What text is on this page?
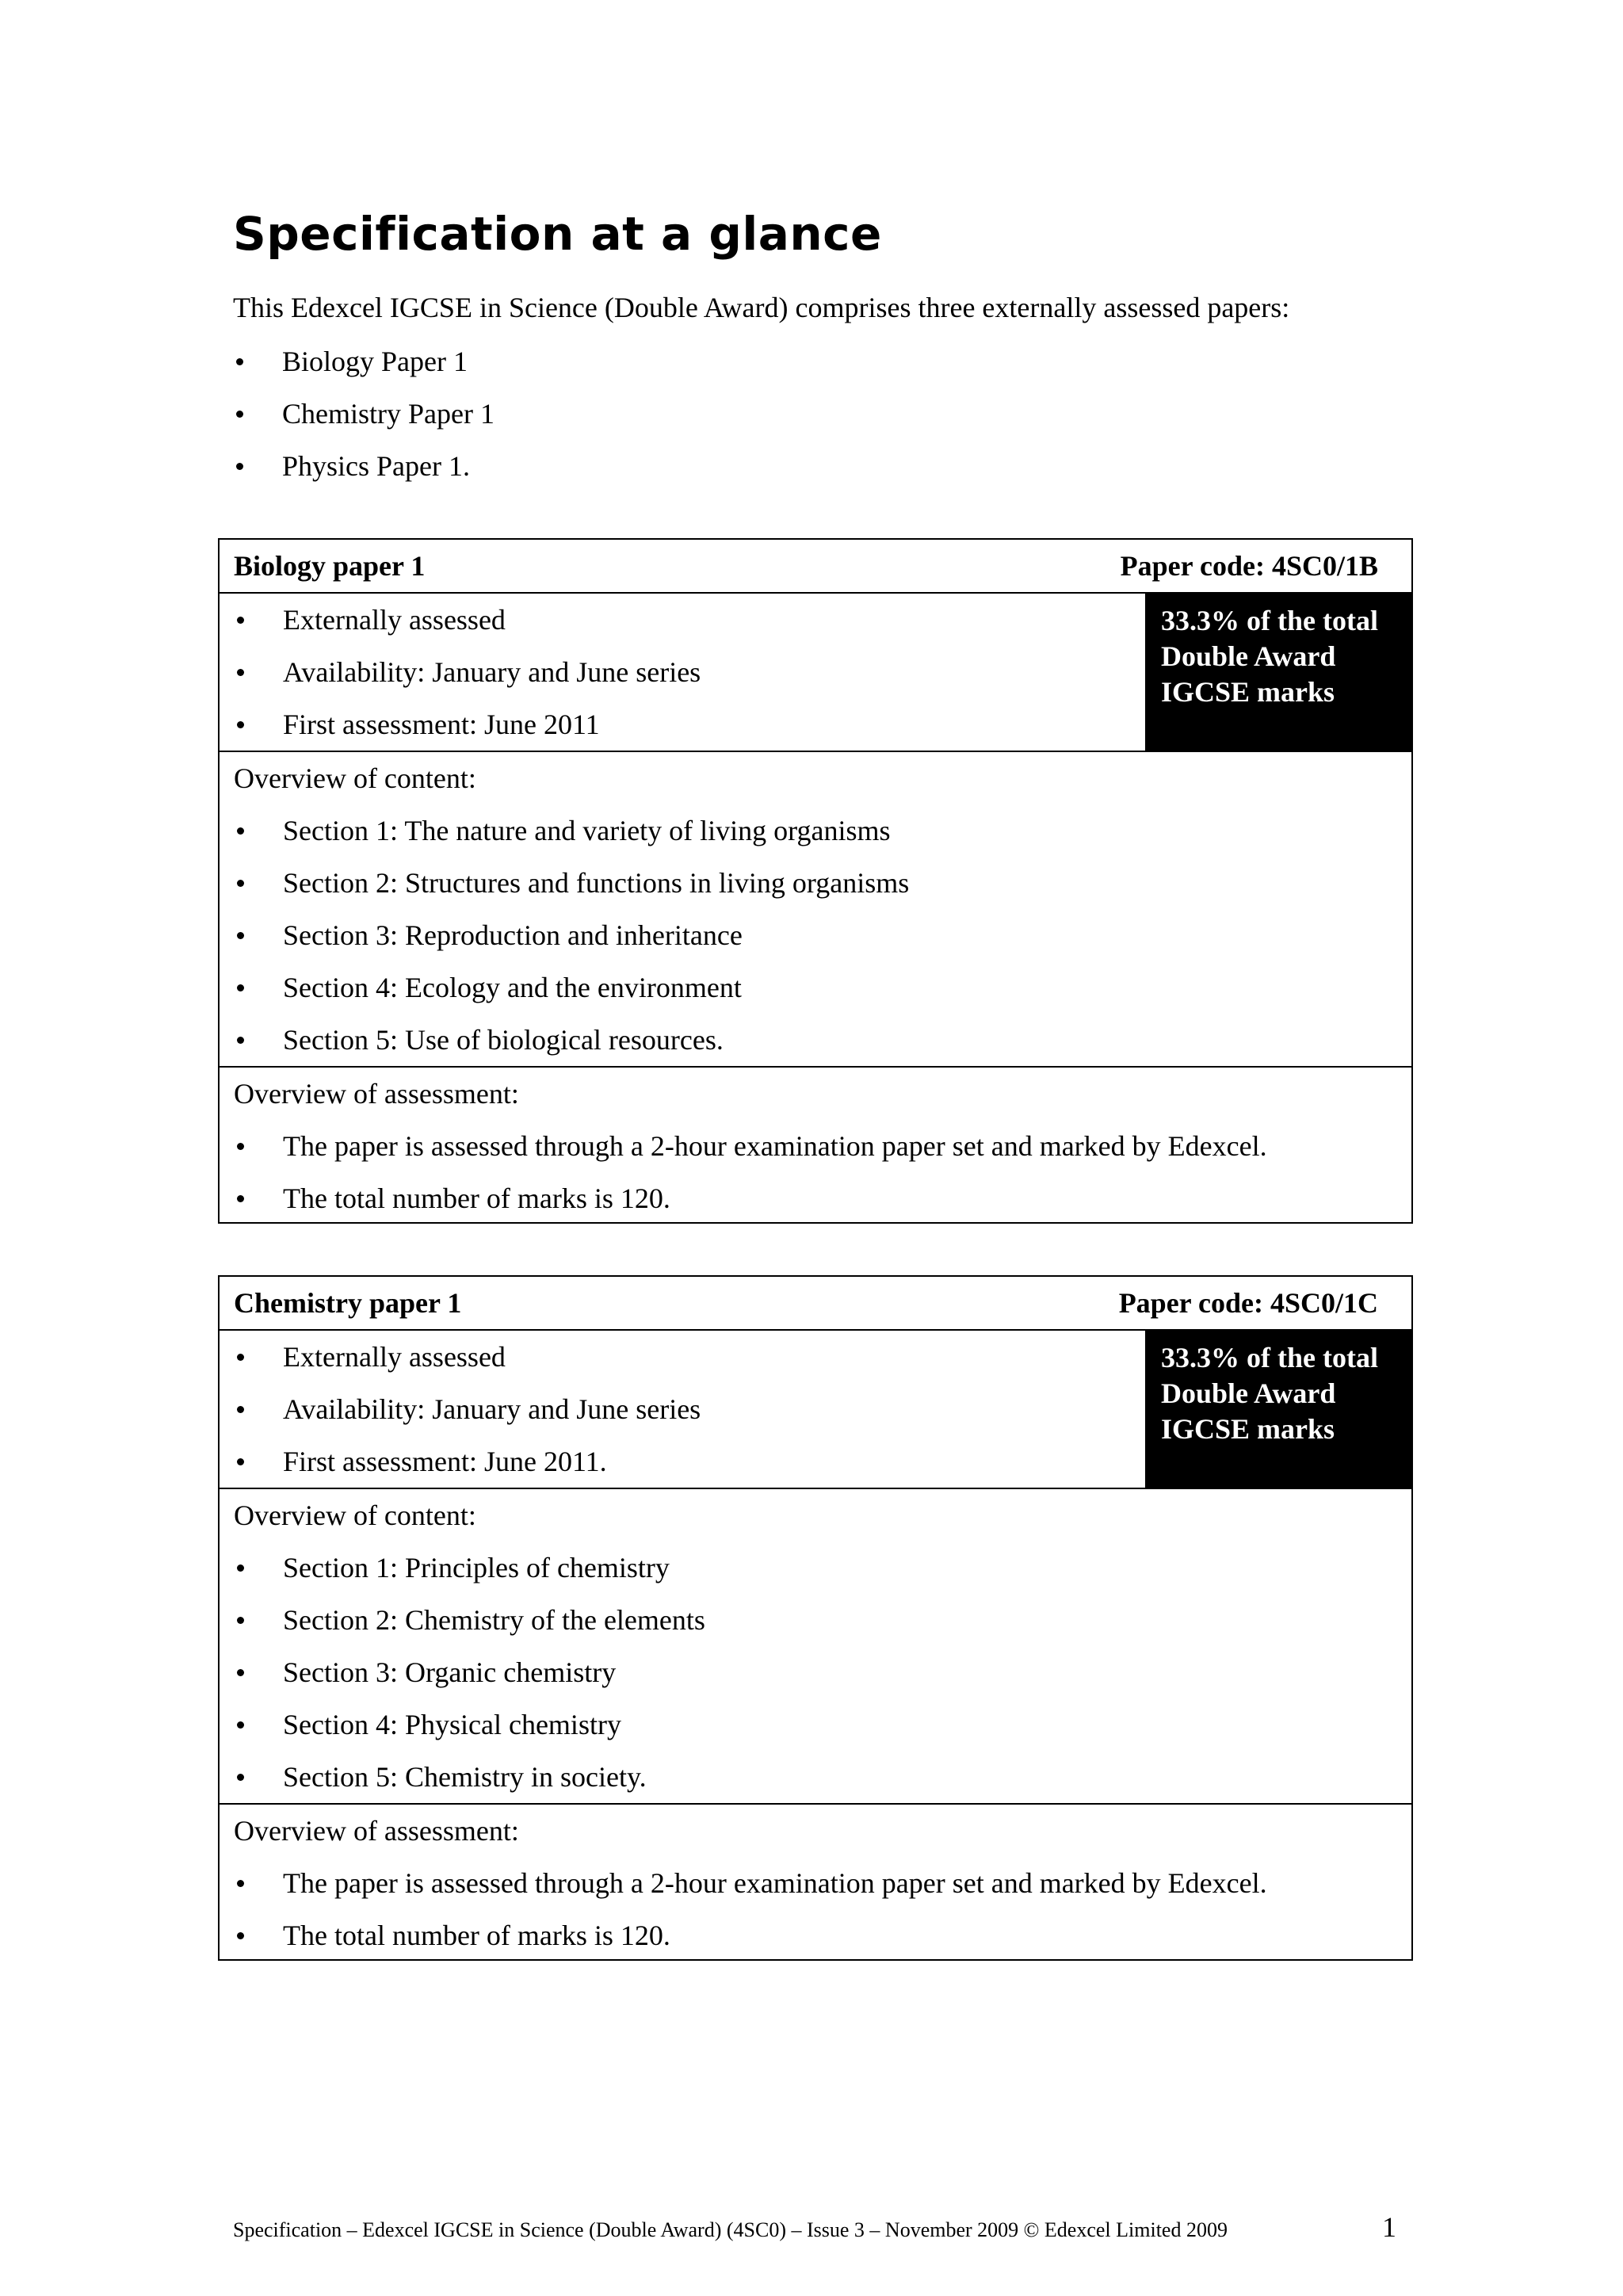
Specification at a glance

This Edexcel IGCSE in Science (Double Award) comprises three externally assessed papers:

Biology Paper 1
Chemistry Paper 1
Physics Paper 1.
Biology paper 1	Paper code: 4SC0/1B
Externally assessed
Availability: January and June series
First assessment: June 2011
33.3% of the total
Double Award
IGCSE marks
Overview of content:
Section 1: The nature and variety of living organisms
Section 2: Structures and functions in living organisms
Section 3: Reproduction and inheritance
Section 4: Ecology and the environment
Section 5: Use of biological resources.
Overview of assessment:
The paper is assessed through a 2-hour examination paper set and marked by Edexcel.
The total number of marks is 120.
Chemistry paper 1	Paper code: 4SC0/1C
Externally assessed
Availability: January and June series
First assessment: June 2011.
33.3% of the total
Double Award
IGCSE marks
Overview of content:
Section 1: Principles of chemistry
Section 2: Chemistry of the elements
Section 3: Organic chemistry
Section 4: Physical chemistry
Section 5: Chemistry in society.
Overview of assessment:
The paper is assessed through a 2-hour examination paper set and marked by Edexcel.
The total number of marks is 120.
Specification – Edexcel IGCSE in Science (Double Award) (4SC0) – Issue 3 – November 2009 © Edexcel Limited 2009	1
